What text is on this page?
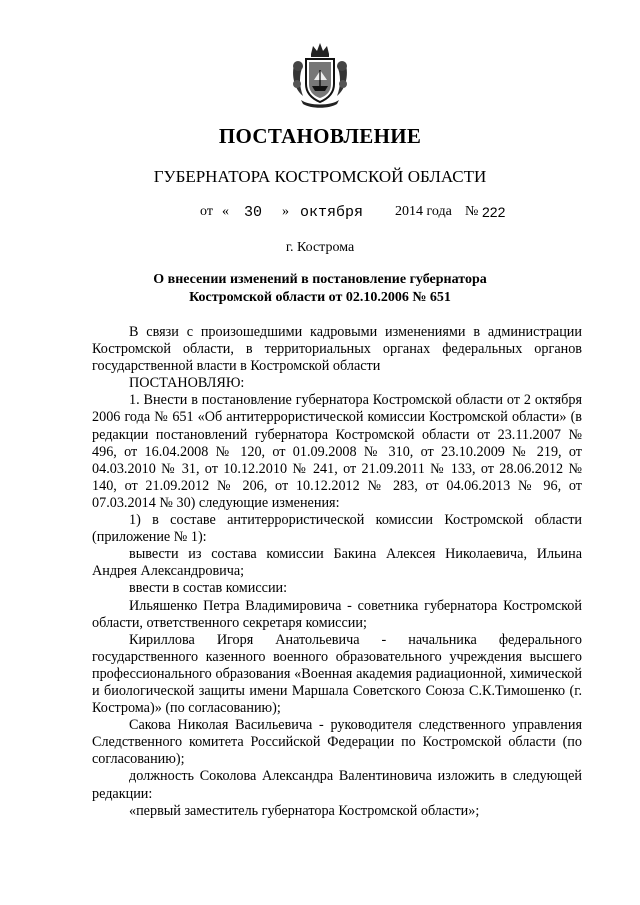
ПОСТАНОВЛЕНИЕ
ГУБЕРНАТОРА КОСТРОМСКОЙ ОБЛАСТИ
от « 30 » октября 2014 года № 222
г. Кострома
О внесении изменений в постановление губернатора
Костромской области от 02.10.2006 № 651

В связи с произошедшими кадровыми изменениями в администрации Костромской области, в территориальных органах федеральных органов государственной власти в Костромской области

ПОСТАНОВЛЯЮ:

1. Внести в постановление губернатора Костромской области от 2 октября 2006 года № 651 «Об антитеррористической комиссии Костромской области» (в редакции постановлений губернатора Костромской области от 23.11.2007 № 496, от 16.04.2008 № 120, от 01.09.2008 № 310, от 23.10.2009 № 219, от 04.03.2010 № 31, от 10.12.2010 № 241, от 21.09.2011 № 133, от 28.06.2012 № 140, от 21.09.2012 № 206, от 10.12.2012 № 283, от 04.06.2013 № 96, от 07.03.2014 № 30) следующие изменения:

1) в составе антитеррористической комиссии Костромской области (приложение № 1):

вывести из состава комиссии Бакина Алексея Николаевича, Ильина Андрея Александровича;

ввести в состав комиссии:

Ильяшенко Петра Владимировича - советника губернатора Костромской области, ответственного секретаря комиссии;

Кириллова Игоря Анатольевича - начальника федерального государственного казенного военного образовательного учреждения высшего профессионального образования «Военная академия радиационной, химической и биологической защиты имени Маршала Советского Союза С.К.Тимошенко (г. Кострома)» (по согласованию);

Сакова Николая Васильевича - руководителя следственного управления Следственного комитета Российской Федерации по Костромской области (по согласованию);

должность Соколова Александра Валентиновича изложить в следующей редакции:

«первый заместитель губернатора Костромской области»;
